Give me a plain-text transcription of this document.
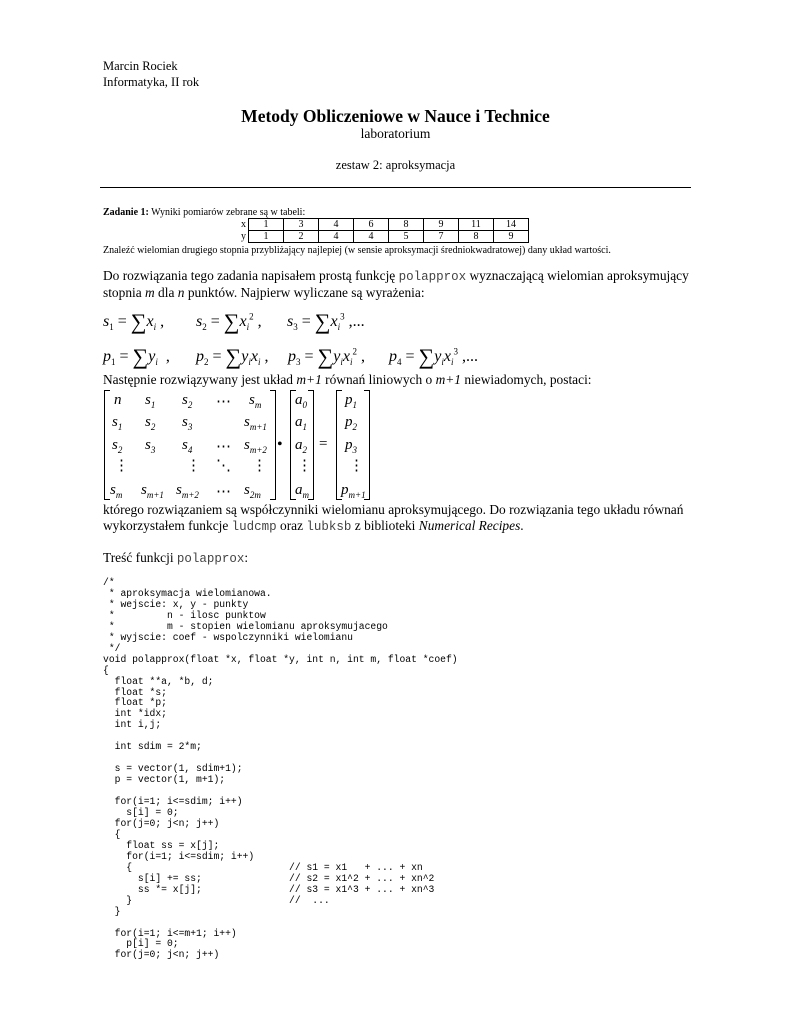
Marcin Rociek
Informatyka, II rok
Metody Obliczeniowe w Nauce i Technice
laboratorium
zestaw 2: aproksymacja
Zadanie 1: Wyniki pomiarów zebrane są w tabeli:
x	1	3	4	6	8	9	11	14
y	1	2	4	4	5	7	8	9
Znaleźć wielomian drugiego stopnia przybliżający najlepiej (w sensie aproksymacji średniokwadratowej) dany układ wartości.
Do rozwiązania tego zadania napisałem prostą funkcję polapprox wyznaczającą wielomian aproksymujący
stopnia m dla n punktów. Najpierw wyliczane są wyrażenia:
$s_1 = \sum x_i$ , $s_2 = \sum x_i^2$ , $s_3 = \sum x_i^3$ ,...
$p_1 = \sum y_i$  , $p_2 = \sum y_ix_i$ , $p_3 = \sum y_ix_i^2$ , $p_4 = \sum y_ix_i^3$ ,...
Następnie rozwiązywany jest układ m+1 równań liniowych o m+1 niewiadomych, postaci:
n $s_1$ $s_2$ ⋯ $s_m$
$s_1$ $s_2$ $s_3$	$s_{m+1}$
$s_2$ $s_3$ $s_4$ ⋯ $s_{m+2}$
⋮	⋮ ⋱ ⋮
$s_m$ $s_{m+1}$ $s_{m+2}$ ⋯ $s_{2m}$
•
$a_0$
$a_1$
$a_2$
⋮
$a_m$
=
$p_1$
$p_2$
$p_3$
⋮
$p_{m+1}$
którego rozwiązaniem są współczynniki wielomianu aproksymującego. Do rozwiązania tego układu równań
wykorzystałem funkcje ludcmp oraz lubksb z biblioteki Numerical Recipes.
Treść funkcji polapprox:
/*
* aproksymacja wielomianowa.
* wejscie: x, y - punkty
*         n - ilosc punktow
*         m - stopien wielomianu aproksymujacego
* wyjscie: coef - wspolczynniki wielomianu
*/
void polapprox(float *x, float *y, int n, int m, float *coef)
{
float **a, *b, d;
float *s;
float *p;
int *idx;
int i,j;

int sdim = 2*m;

s = vector(1, sdim+1);
p = vector(1, m+1);

for(i=1; i<=sdim; i++)
s[i] = 0;
for(j=0; j<n; j++)
{
float ss = x[j];
for(i=1; i<=sdim; i++)
{                           // s1 = x1   + ... + xn
s[i] += ss;               // s2 = x1^2 + ... + xn^2
ss *= x[j];               // s3 = x1^3 + ... + xn^3
}                           //  ...
}

for(i=1; i<=m+1; i++)
p[i] = 0;
for(j=0; j<n; j++)
